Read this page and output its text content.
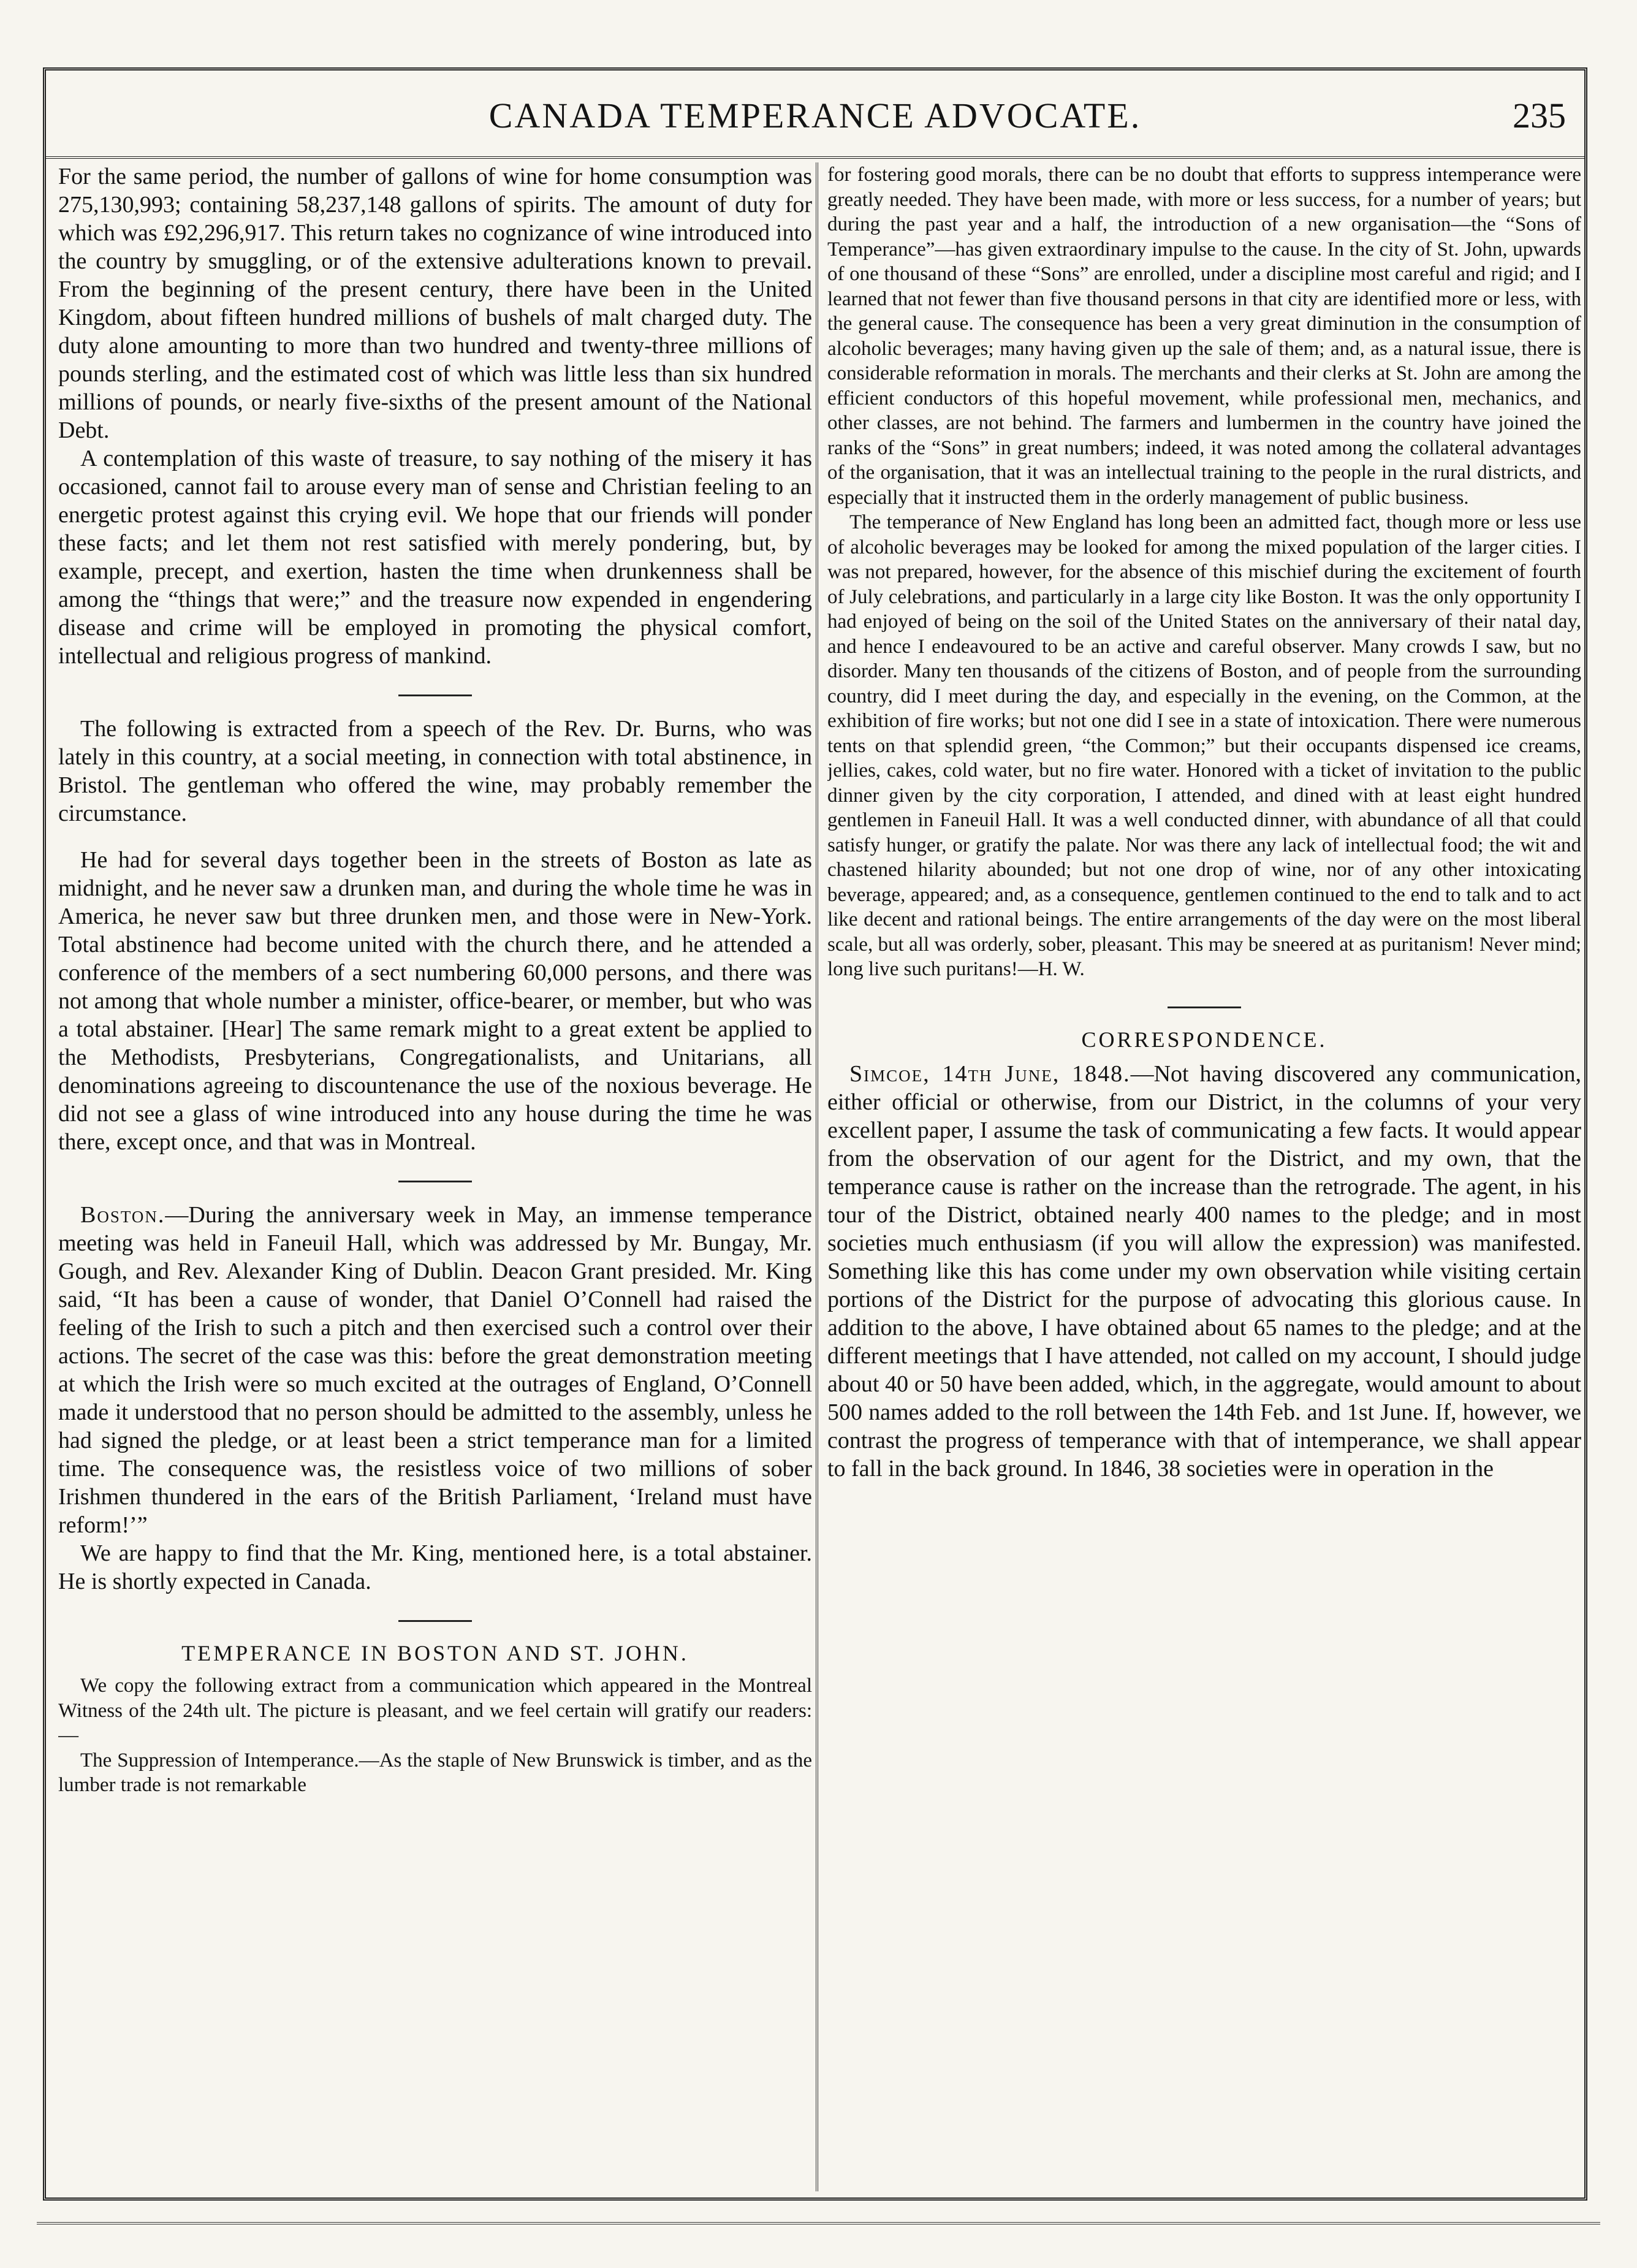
CANADA TEMPERANCE ADVOCATE.	235

For the same period, the number of gallons of wine for home consumption was 275,130,993; containing 58,237,148 gallons of spirits. The amount of duty for which was £92,296,917. This return takes no cognizance of wine introduced into the country by smuggling, or of the extensive adulterations known to prevail. From the beginning of the present century, there have been in the United Kingdom, about fifteen hundred millions of bushels of malt charged duty. The duty alone amounting to more than two hundred and twenty-three millions of pounds sterling, and the estimated cost of which was little less than six hundred millions of pounds, or nearly five-sixths of the present amount of the National Debt.

A contemplation of this waste of treasure, to say nothing of the misery it has occasioned, cannot fail to arouse every man of sense and Christian feeling to an energetic protest against this crying evil. We hope that our friends will ponder these facts; and let them not rest satisfied with merely pondering, but, by example, precept, and exertion, hasten the time when drunkenness shall be among the “things that were;” and the treasure now expended in engendering disease and crime will be employed in promoting the physical comfort, intellectual and religious progress of mankind.

The following is extracted from a speech of the Rev. Dr. Burns, who was lately in this country, at a social meeting, in connection with total abstinence, in Bristol. The gentleman who offered the wine, may probably remember the circumstance.

He had for several days together been in the streets of Boston as late as midnight, and he never saw a drunken man, and during the whole time he was in America, he never saw but three drunken men, and those were in New-York. Total abstinence had become united with the church there, and he attended a conference of the members of a sect numbering 60,000 persons, and there was not among that whole number a minister, office-bearer, or member, but who was a total abstainer. [Hear] The same remark might to a great extent be applied to the Methodists, Presbyterians, Congregationalists, and Unitarians, all denominations agreeing to discountenance the use of the noxious beverage. He did not see a glass of wine introduced into any house during the time he was there, except once, and that was in Montreal.

Boston.—During the anniversary week in May, an immense temperance meeting was held in Faneuil Hall, which was addressed by Mr. Bungay, Mr. Gough, and Rev. Alexander King of Dublin. Deacon Grant presided. Mr. King said, “It has been a cause of wonder, that Daniel O’Connell had raised the feeling of the Irish to such a pitch and then exercised such a control over their actions. The secret of the case was this: before the great demonstration meeting at which the Irish were so much excited at the outrages of England, O’Connell made it understood that no person should be admitted to the assembly, unless he had signed the pledge, or at least been a strict temperance man for a limited time. The consequence was, the resistless voice of two millions of sober Irishmen thundered in the ears of the British Parliament, ‘Ireland must have reform!’”

We are happy to find that the Mr. King, mentioned here, is a total abstainer. He is shortly expected in Canada.

TEMPERANCE IN BOSTON AND ST. JOHN.

We copy the following extract from a communication which appeared in the Montreal Witness of the 24th ult. The picture is pleasant, and we feel certain will gratify our readers:—

The Suppression of Intemperance.—As the staple of New Brunswick is timber, and as the lumber trade is not remarkable

for fostering good morals, there can be no doubt that efforts to suppress intemperance were greatly needed. They have been made, with more or less success, for a number of years; but during the past year and a half, the introduction of a new organisation—the “Sons of Temperance”—has given extraordinary impulse to the cause. In the city of St. John, upwards of one thousand of these “Sons” are enrolled, under a discipline most careful and rigid; and I learned that not fewer than five thousand persons in that city are identified more or less, with the general cause. The consequence has been a very great diminution in the consumption of alcoholic beverages; many having given up the sale of them; and, as a natural issue, there is considerable reformation in morals. The merchants and their clerks at St. John are among the efficient conductors of this hopeful movement, while professional men, mechanics, and other classes, are not behind. The farmers and lumbermen in the country have joined the ranks of the “Sons” in great numbers; indeed, it was noted among the collateral advantages of the organisation, that it was an intellectual training to the people in the rural districts, and especially that it instructed them in the orderly management of public business.

The temperance of New England has long been an admitted fact, though more or less use of alcoholic beverages may be looked for among the mixed population of the larger cities. I was not prepared, however, for the absence of this mischief during the excitement of fourth of July celebrations, and particularly in a large city like Boston. It was the only opportunity I had enjoyed of being on the soil of the United States on the anniversary of their natal day, and hence I endeavoured to be an active and careful observer. Many crowds I saw, but no disorder. Many ten thousands of the citizens of Boston, and of people from the surrounding country, did I meet during the day, and especially in the evening, on the Common, at the exhibition of fire works; but not one did I see in a state of intoxication. There were numerous tents on that splendid green, “the Common;” but their occupants dispensed ice creams, jellies, cakes, cold water, but no fire water. Honored with a ticket of invitation to the public dinner given by the city corporation, I attended, and dined with at least eight hundred gentlemen in Faneuil Hall. It was a well conducted dinner, with abundance of all that could satisfy hunger, or gratify the palate. Nor was there any lack of intellectual food; the wit and chastened hilarity abounded; but not one drop of wine, nor of any other intoxicating beverage, appeared; and, as a consequence, gentlemen continued to the end to talk and to act like decent and rational beings. The entire arrangements of the day were on the most liberal scale, but all was orderly, sober, pleasant. This may be sneered at as puritanism! Never mind; long live such puritans!—H. W.

CORRESPONDENCE.

Simcoe, 14th June, 1848.—Not having discovered any communication, either official or otherwise, from our District, in the columns of your very excellent paper, I assume the task of communicating a few facts. It would appear from the observation of our agent for the District, and my own, that the temperance cause is rather on the increase than the retrograde. The agent, in his tour of the District, obtained nearly 400 names to the pledge; and in most societies much enthusiasm (if you will allow the expression) was manifested. Something like this has come under my own observation while visiting certain portions of the District for the purpose of advocating this glorious cause. In addition to the above, I have obtained about 65 names to the pledge; and at the different meetings that I have attended, not called on my account, I should judge about 40 or 50 have been added, which, in the aggregate, would amount to about 500 names added to the roll between the 14th Feb. and 1st June. If, however, we contrast the progress of temperance with that of intemperance, we shall appear to fall in the back ground. In 1846, 38 societies were in operation in the
